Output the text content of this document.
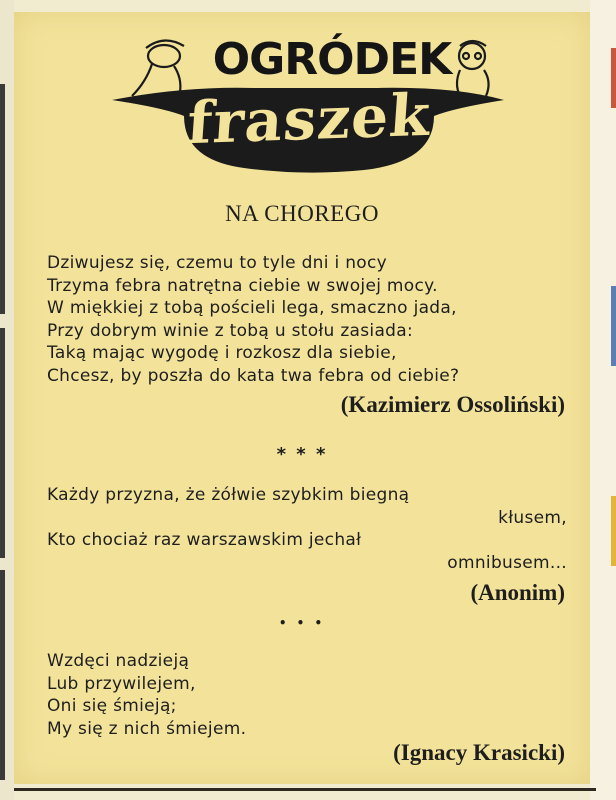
OGRÓDEK
fraszek
NA CHOREGO
Dziwujesz się, czemu to tyle dni i nocy
Trzyma febra natrętna ciebie w swojej mocy.
W miękkiej z tobą pościeli lega, smaczno jada,
Przy dobrym winie z tobą u stołu zasiada:
Taką mając wygodę i rozkosz dla siebie,
Chcesz, by poszła do kata twa febra od ciebie?
(Kazimierz Ossoliński)
* * *
Każdy przyzna, że żółwie szybkim biegną
kłusem,
Kto chociaż raz warszawskim jechał
omnibusem...
(Anonim)
• • •
Wzdęci nadzieją
Lub przywilejem,
Oni się śmieją;
My się z nich śmiejem.
(Ignacy Krasicki)
